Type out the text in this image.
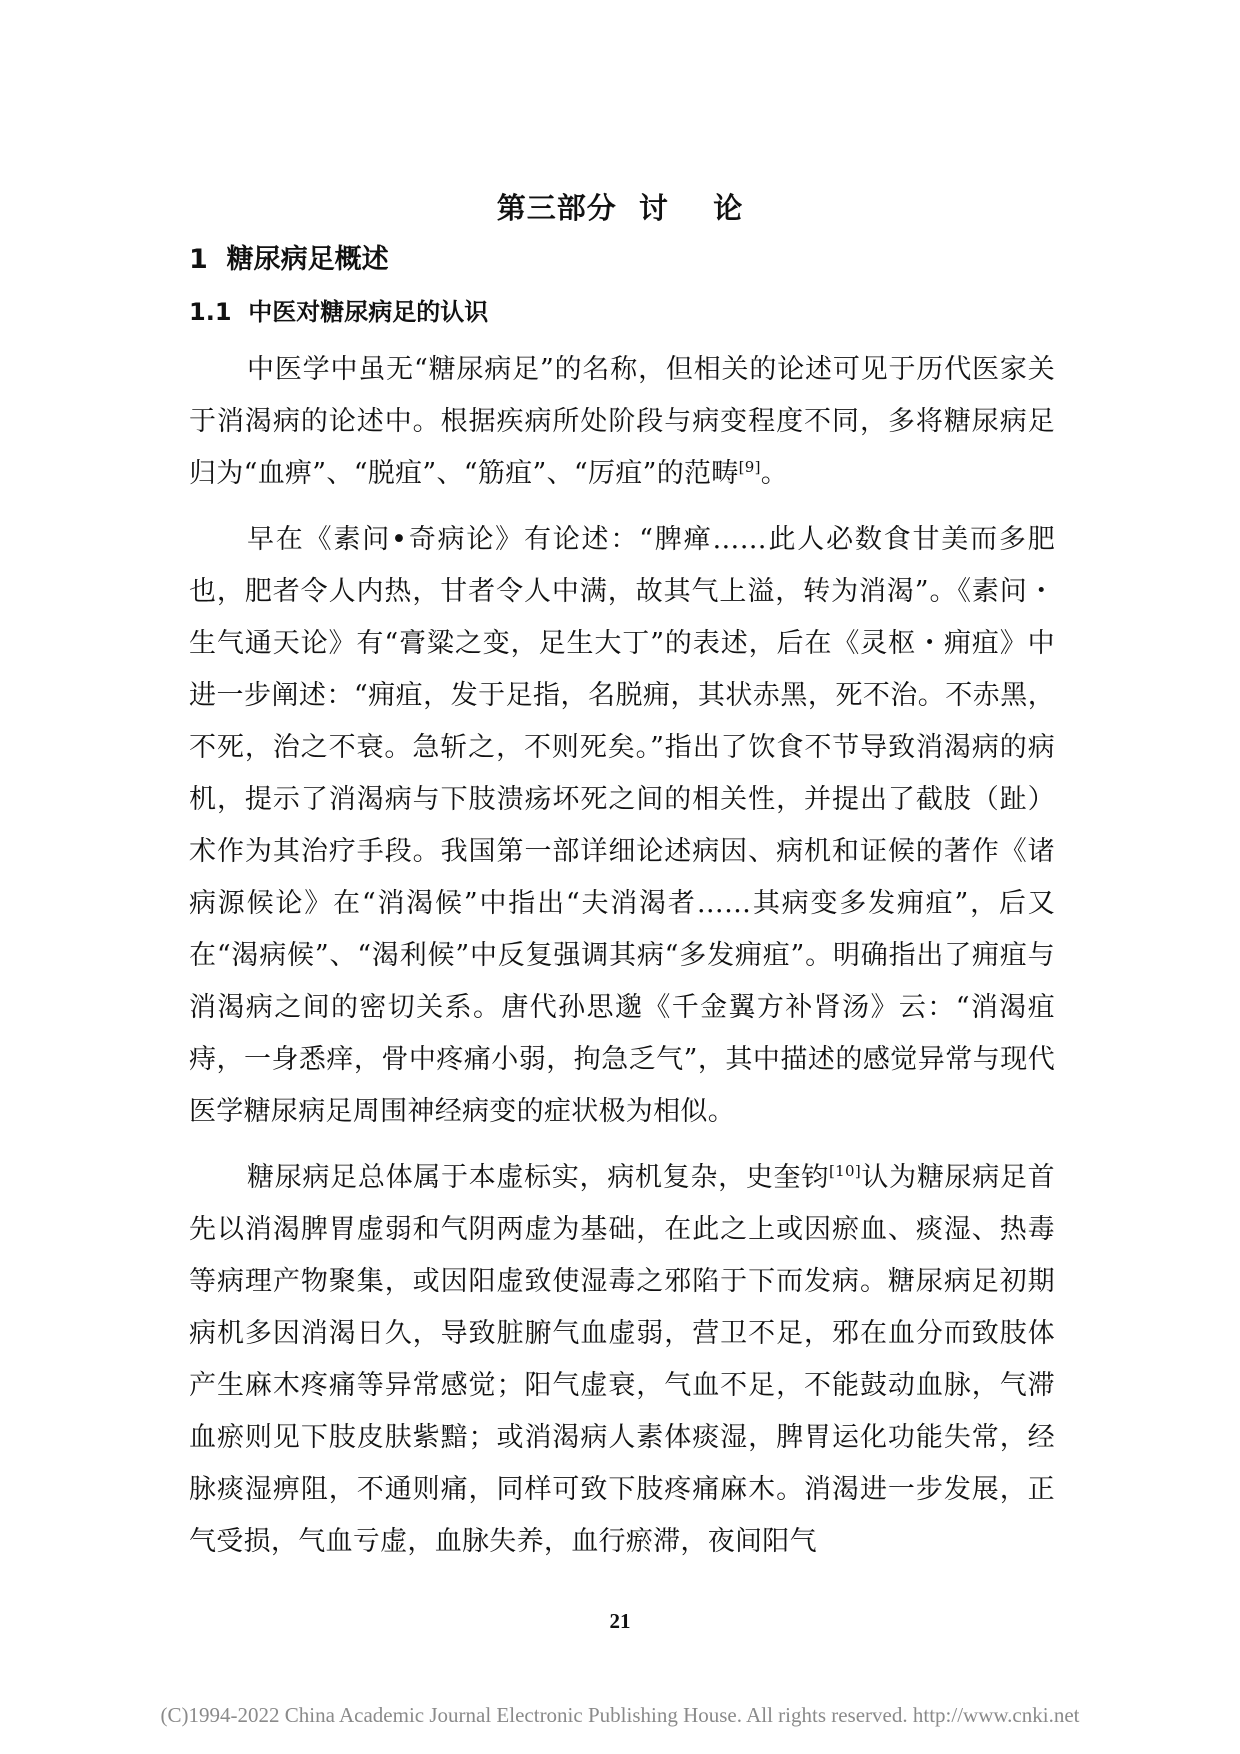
第三部分  讨    论
1  糖尿病足概述
1.1  中医对糖尿病足的认识

中医学中虽无“糖尿病足”的名称，但相关的论述可见于历代医家关于消渴病的论述中。根据疾病所处阶段与病变程度不同，多将糖尿病足归为“血痹”、“脱疽”、“筋疽”、“厉疽”的范畴[9]。

早在《素问•奇病论》有论述：“脾瘅……此人必数食甘美而多肥也，肥者令人内热，甘者令人中满，故其气上溢，转为消渴”。《素问・生气通天论》有“膏粱之变，足生大丁”的表述，后在《灵枢・痈疽》中进一步阐述：“痈疽，发于足指，名脱痈，其状赤黑，死不治。不赤黑，不死，治之不衰。急斩之，不则死矣。”指出了饮食不节导致消渴病的病机，提示了消渴病与下肢溃疡坏死之间的相关性，并提出了截肢（趾）术作为其治疗手段。我国第一部详细论述病因、病机和证候的著作《诸病源候论》在“消渴候”中指出“夫消渴者……其病变多发痈疽”，后又在“渴病候”、“渴利候”中反复强调其病“多发痈疽”。明确指出了痈疽与消渴病之间的密切关系。唐代孙思邈《千金翼方补肾汤》云：“消渴疽痔，一身悉痒，骨中疼痛小弱，拘急乏气”，其中描述的感觉异常与现代医学糖尿病足周围神经病变的症状极为相似。

糖尿病足总体属于本虚标实，病机复杂，史奎钧[10]认为糖尿病足首先以消渴脾胃虚弱和气阴两虚为基础，在此之上或因瘀血、痰湿、热毒等病理产物聚集，或因阳虚致使湿毒之邪陷于下而发病。糖尿病足初期病机多因消渴日久，导致脏腑气血虚弱，营卫不足，邪在血分而致肢体产生麻木疼痛等异常感觉；阳气虚衰，气血不足，不能鼓动血脉，气滞血瘀则见下肢皮肤紫黯；或消渴病人素体痰湿，脾胃运化功能失常，经脉痰湿痹阻，不通则痛，同样可致下肢疼痛麻木。消渴进一步发展，正气受损，气血亏虚，血脉失养，血行瘀滞，夜间阳气

21
(C)1994-2022 China Academic Journal Electronic Publishing House. All rights reserved. http://www.cnki.net
